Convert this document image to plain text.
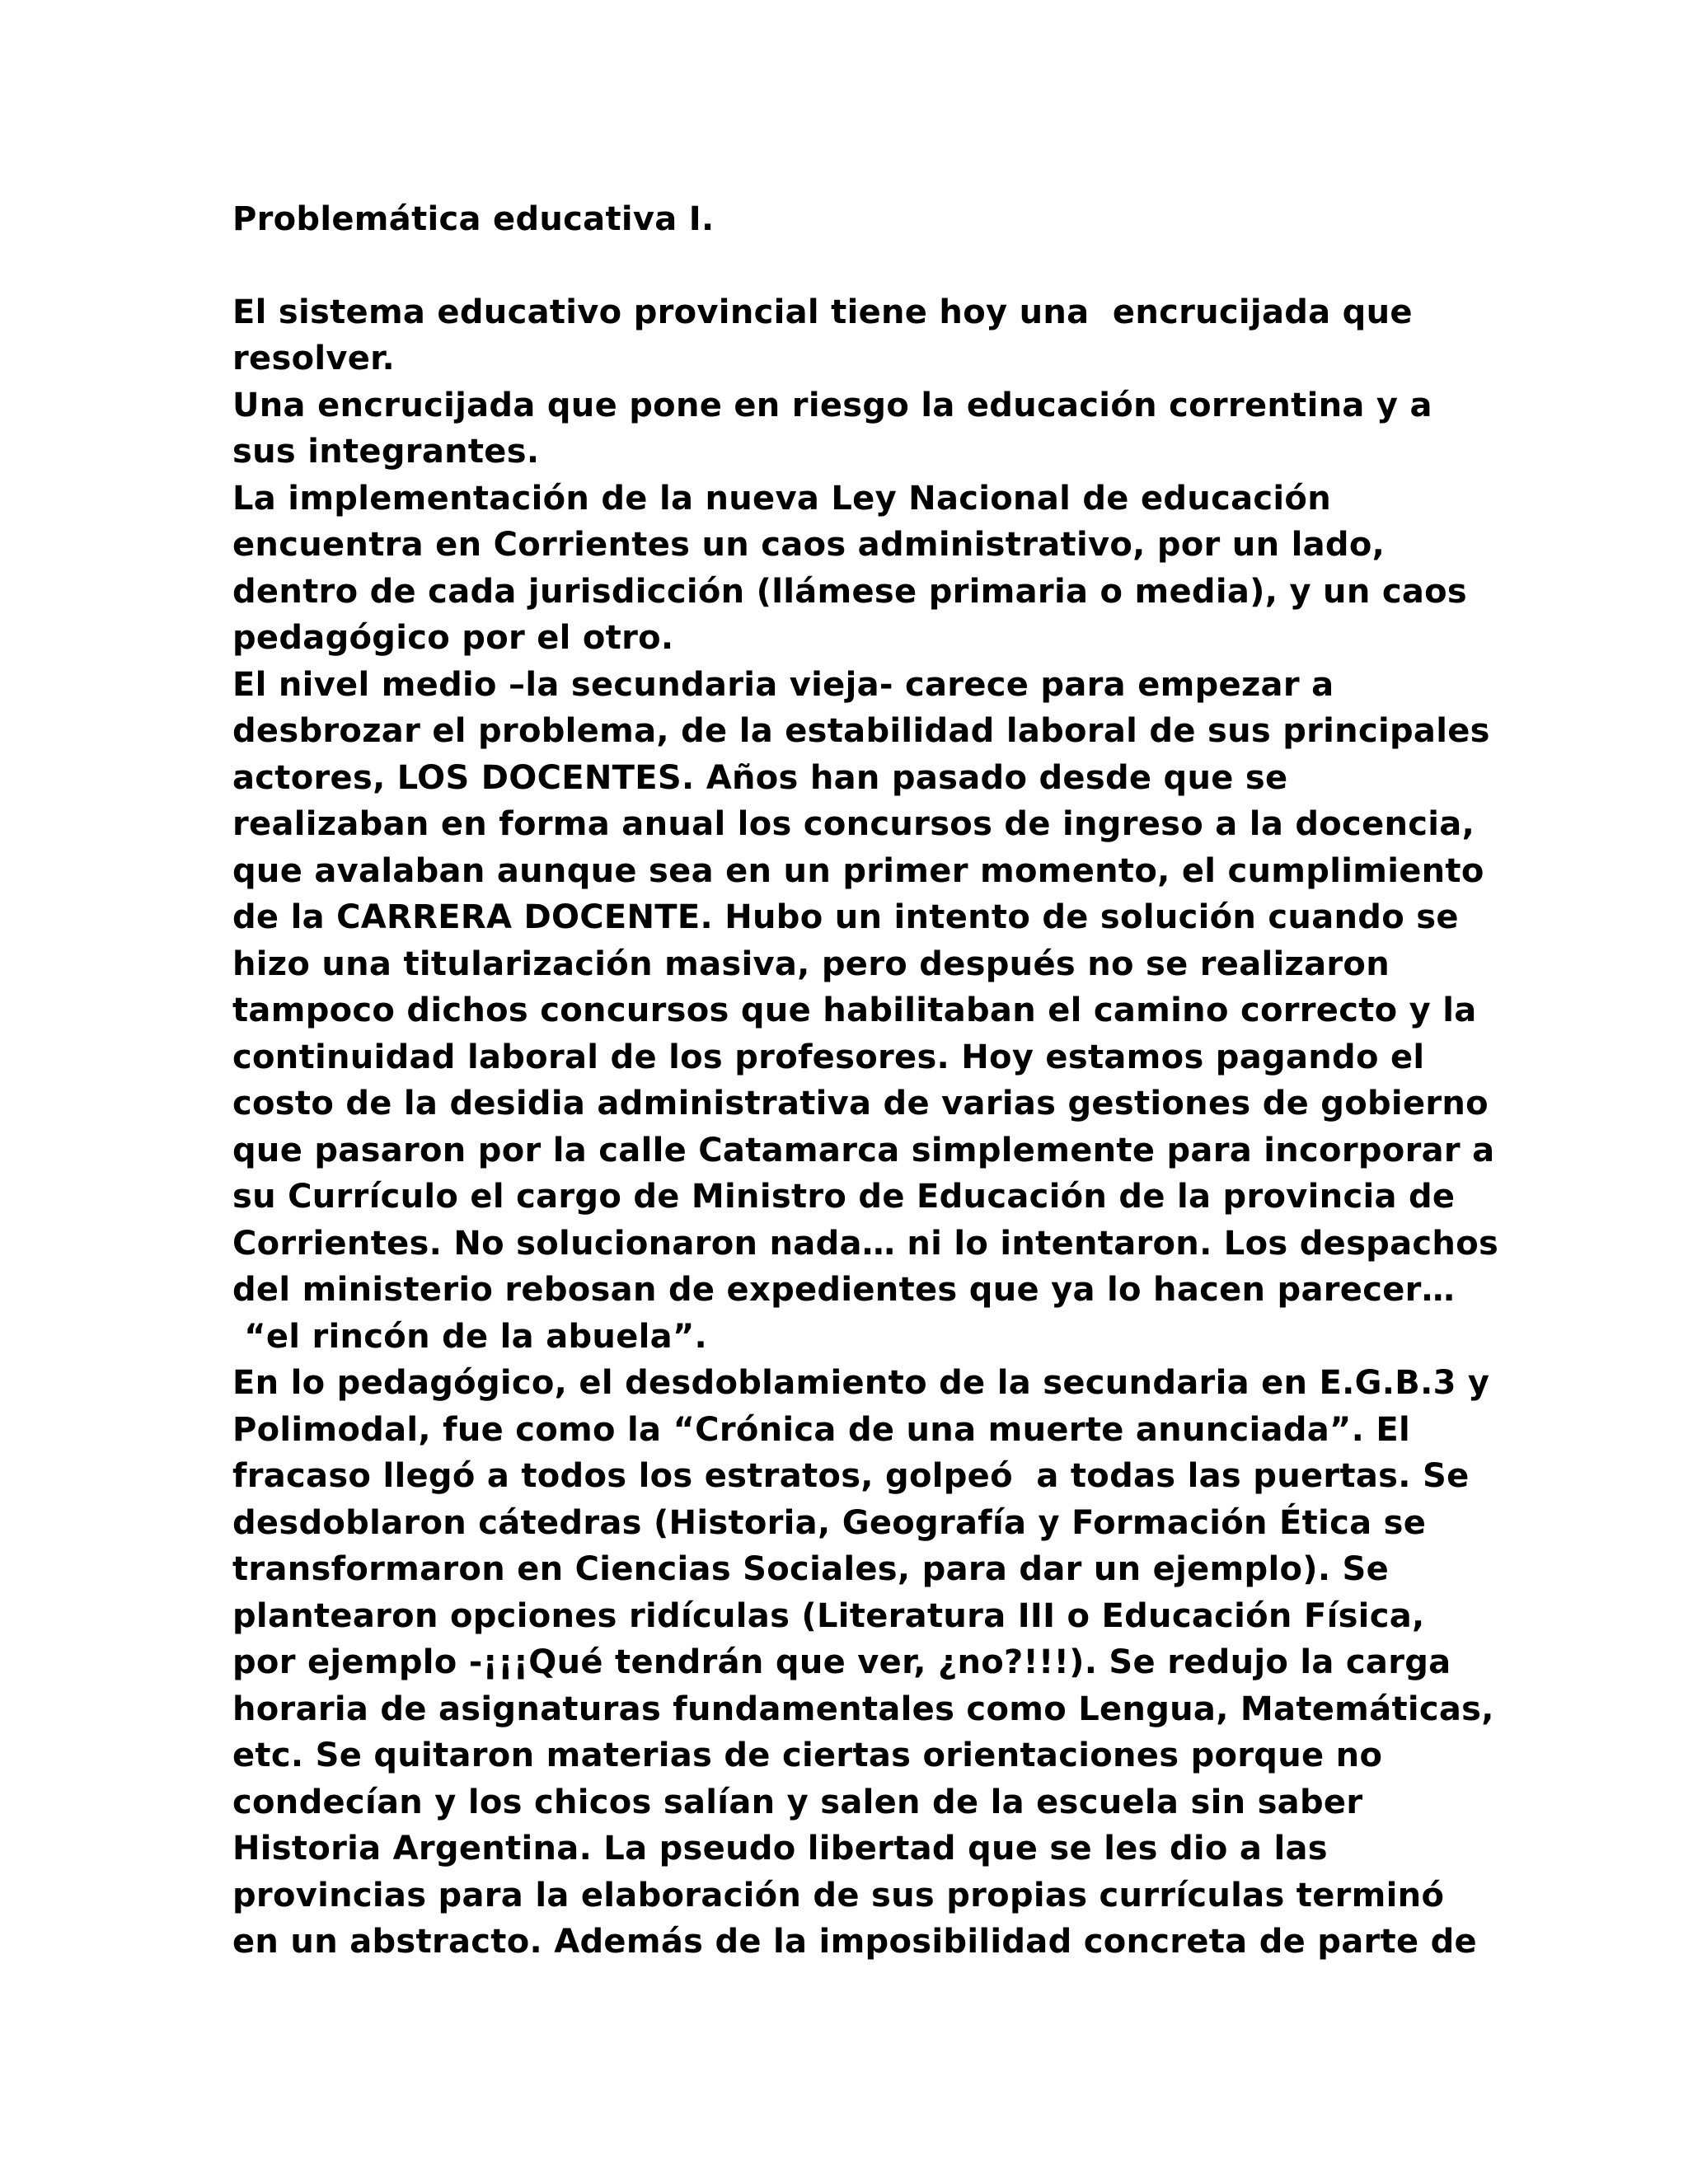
Problemática educativa I.
El sistema educativo provincial tiene hoy una  encrucijada que
resolver.
Una encrucijada que pone en riesgo la educación correntina y a
sus integrantes.
La implementación de la nueva Ley Nacional de educación
encuentra en Corrientes un caos administrativo, por un lado,
dentro de cada jurisdicción (llámese primaria o media), y un caos
pedagógico por el otro.
El nivel medio –la secundaria vieja- carece para empezar a
desbrozar el problema, de la estabilidad laboral de sus principales
actores, LOS DOCENTES. Años han pasado desde que se
realizaban en forma anual los concursos de ingreso a la docencia,
que avalaban aunque sea en un primer momento, el cumplimiento
de la CARRERA DOCENTE. Hubo un intento de solución cuando se
hizo una titularización masiva, pero después no se realizaron
tampoco dichos concursos que habilitaban el camino correcto y la
continuidad laboral de los profesores. Hoy estamos pagando el
costo de la desidia administrativa de varias gestiones de gobierno
que pasaron por la calle Catamarca simplemente para incorporar a
su Currículo el cargo de Ministro de Educación de la provincia de
Corrientes. No solucionaron nada… ni lo intentaron. Los despachos
del ministerio rebosan de expedientes que ya lo hacen parecer…
“el rincón de la abuela”.
En lo pedagógico, el desdoblamiento de la secundaria en E.G.B.3 y
Polimodal, fue como la “Crónica de una muerte anunciada”. El
fracaso llegó a todos los estratos, golpeó  a todas las puertas. Se
desdoblaron cátedras (Historia, Geografía y Formación Ética se
transformaron en Ciencias Sociales, para dar un ejemplo). Se
plantearon opciones ridículas (Literatura III o Educación Física,
por ejemplo -¡¡¡Qué tendrán que ver, ¿no?!!!). Se redujo la carga
horaria de asignaturas fundamentales como Lengua, Matemáticas,
etc. Se quitaron materias de ciertas orientaciones porque no
condecían y los chicos salían y salen de la escuela sin saber
Historia Argentina. La pseudo libertad que se les dio a las
provincias para la elaboración de sus propias currículas terminó
en un abstracto. Además de la imposibilidad concreta de parte de
